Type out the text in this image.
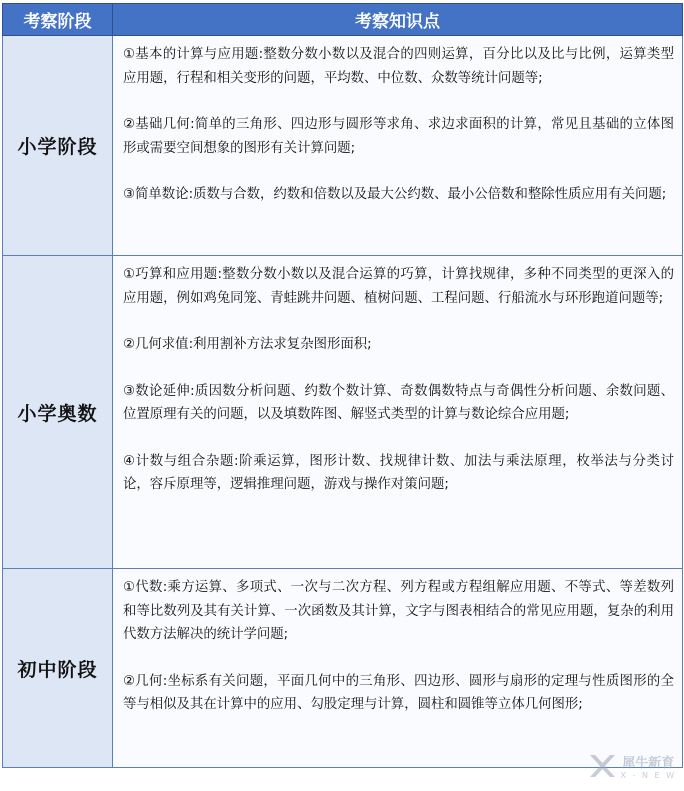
考察阶段	考察知识点
小学阶段	①基本的计算与应用题:整数分数小数以及混合的四则运算，百分比以及比与比例，运算类型应用题，行程和相关变形的问题，平均数、中位数、众数等统计问题等;
②基础几何:简单的三角形、四边形与圆形等求角、求边求面积的计算，常见且基础的立体图形或需要空间想象的图形有关计算问题;
③简单数论:质数与合数，约数和倍数以及最大公约数、最小公倍数和整除性质应用有关问题;

小学奥数	①巧算和应用题:整数分数小数以及混合运算的巧算，计算找规律，多种不同类型的更深入的应用题，例如鸡兔同笼、青蛙跳井问题、植树问题、工程问题、行船流水与环形跑道问题等;
②几何求值:利用割补方法求复杂图形面积;
③数论延伸:质因数分析问题、约数个数计算、奇数偶数特点与奇偶性分析问题、余数问题、位置原理有关的问题，以及填数阵图、解竖式类型的计算与数论综合应用题;
④计数与组合杂题:阶乘运算，图形计数、找规律计数、加法与乘法原理，枚举法与分类讨论，容斥原理等，逻辑推理问题，游戏与操作对策问题;

初中阶段	①代数:乘方运算、多项式、一次与二次方程、列方程或方程组解应用题、不等式、等差数列和等比数列及其有关计算、一次函数及其计算，文字与图表相结合的常见应用题，复杂的利用代数方法解决的统计学问题;
②几何:坐标系有关问题，平面几何中的三角形、四边形、圆形与扇形的定理与性质图形的全等与相似及其在计算中的应用、勾股定理与计算，圆柱和圆锥等立体几何图形;
犀牛新育
X - N E W
